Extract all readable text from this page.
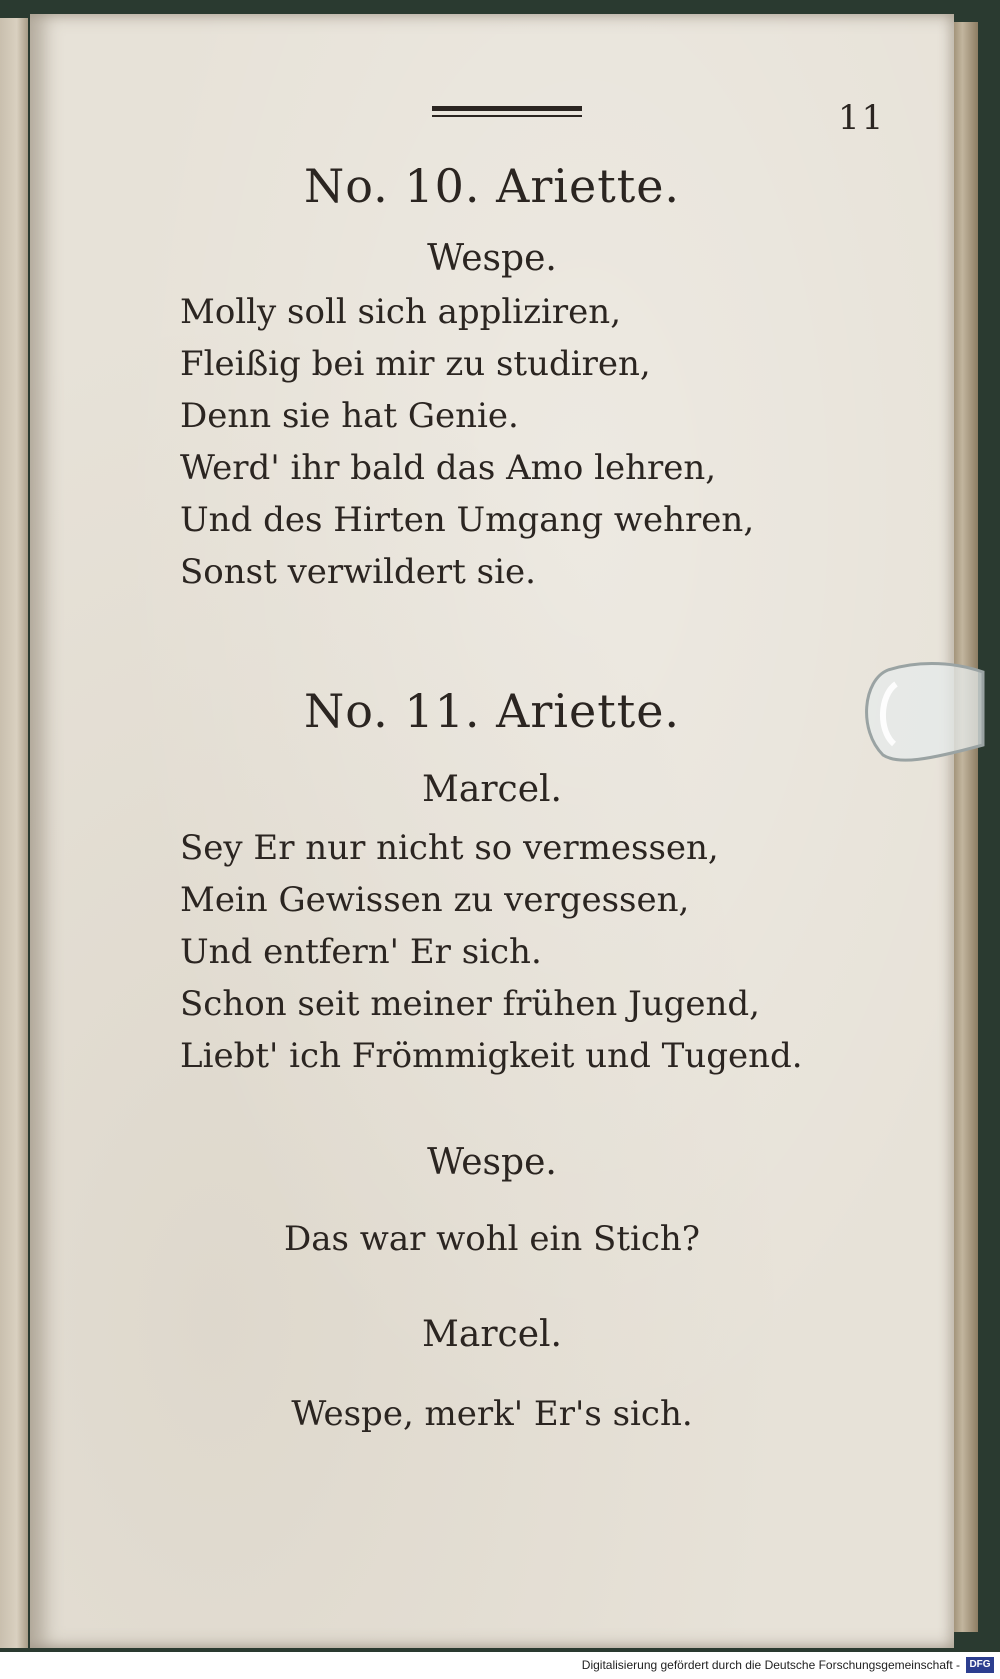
11
No. 10. Ariette.
Wespe.
Molly soll sich appliziren,
Fleißig bei mir zu studiren,
Denn sie hat Genie.
Werd' ihr bald das Amo lehren,
Und des Hirten Umgang wehren,
Sonst verwildert sie.
No. 11. Ariette.
Marcel.
Sey Er nur nicht so vermessen,
Mein Gewissen zu vergessen,
Und entfern' Er sich.
Schon seit meiner frühen Jugend,
Liebt' ich Frömmigkeit und Tugend.
Wespe.
Das war wohl ein Stich?
Marcel.
Wespe, merk' Er's sich.
Digitalisierung gefördert durch die Deutsche Forschungsgemeinschaft - DFG
